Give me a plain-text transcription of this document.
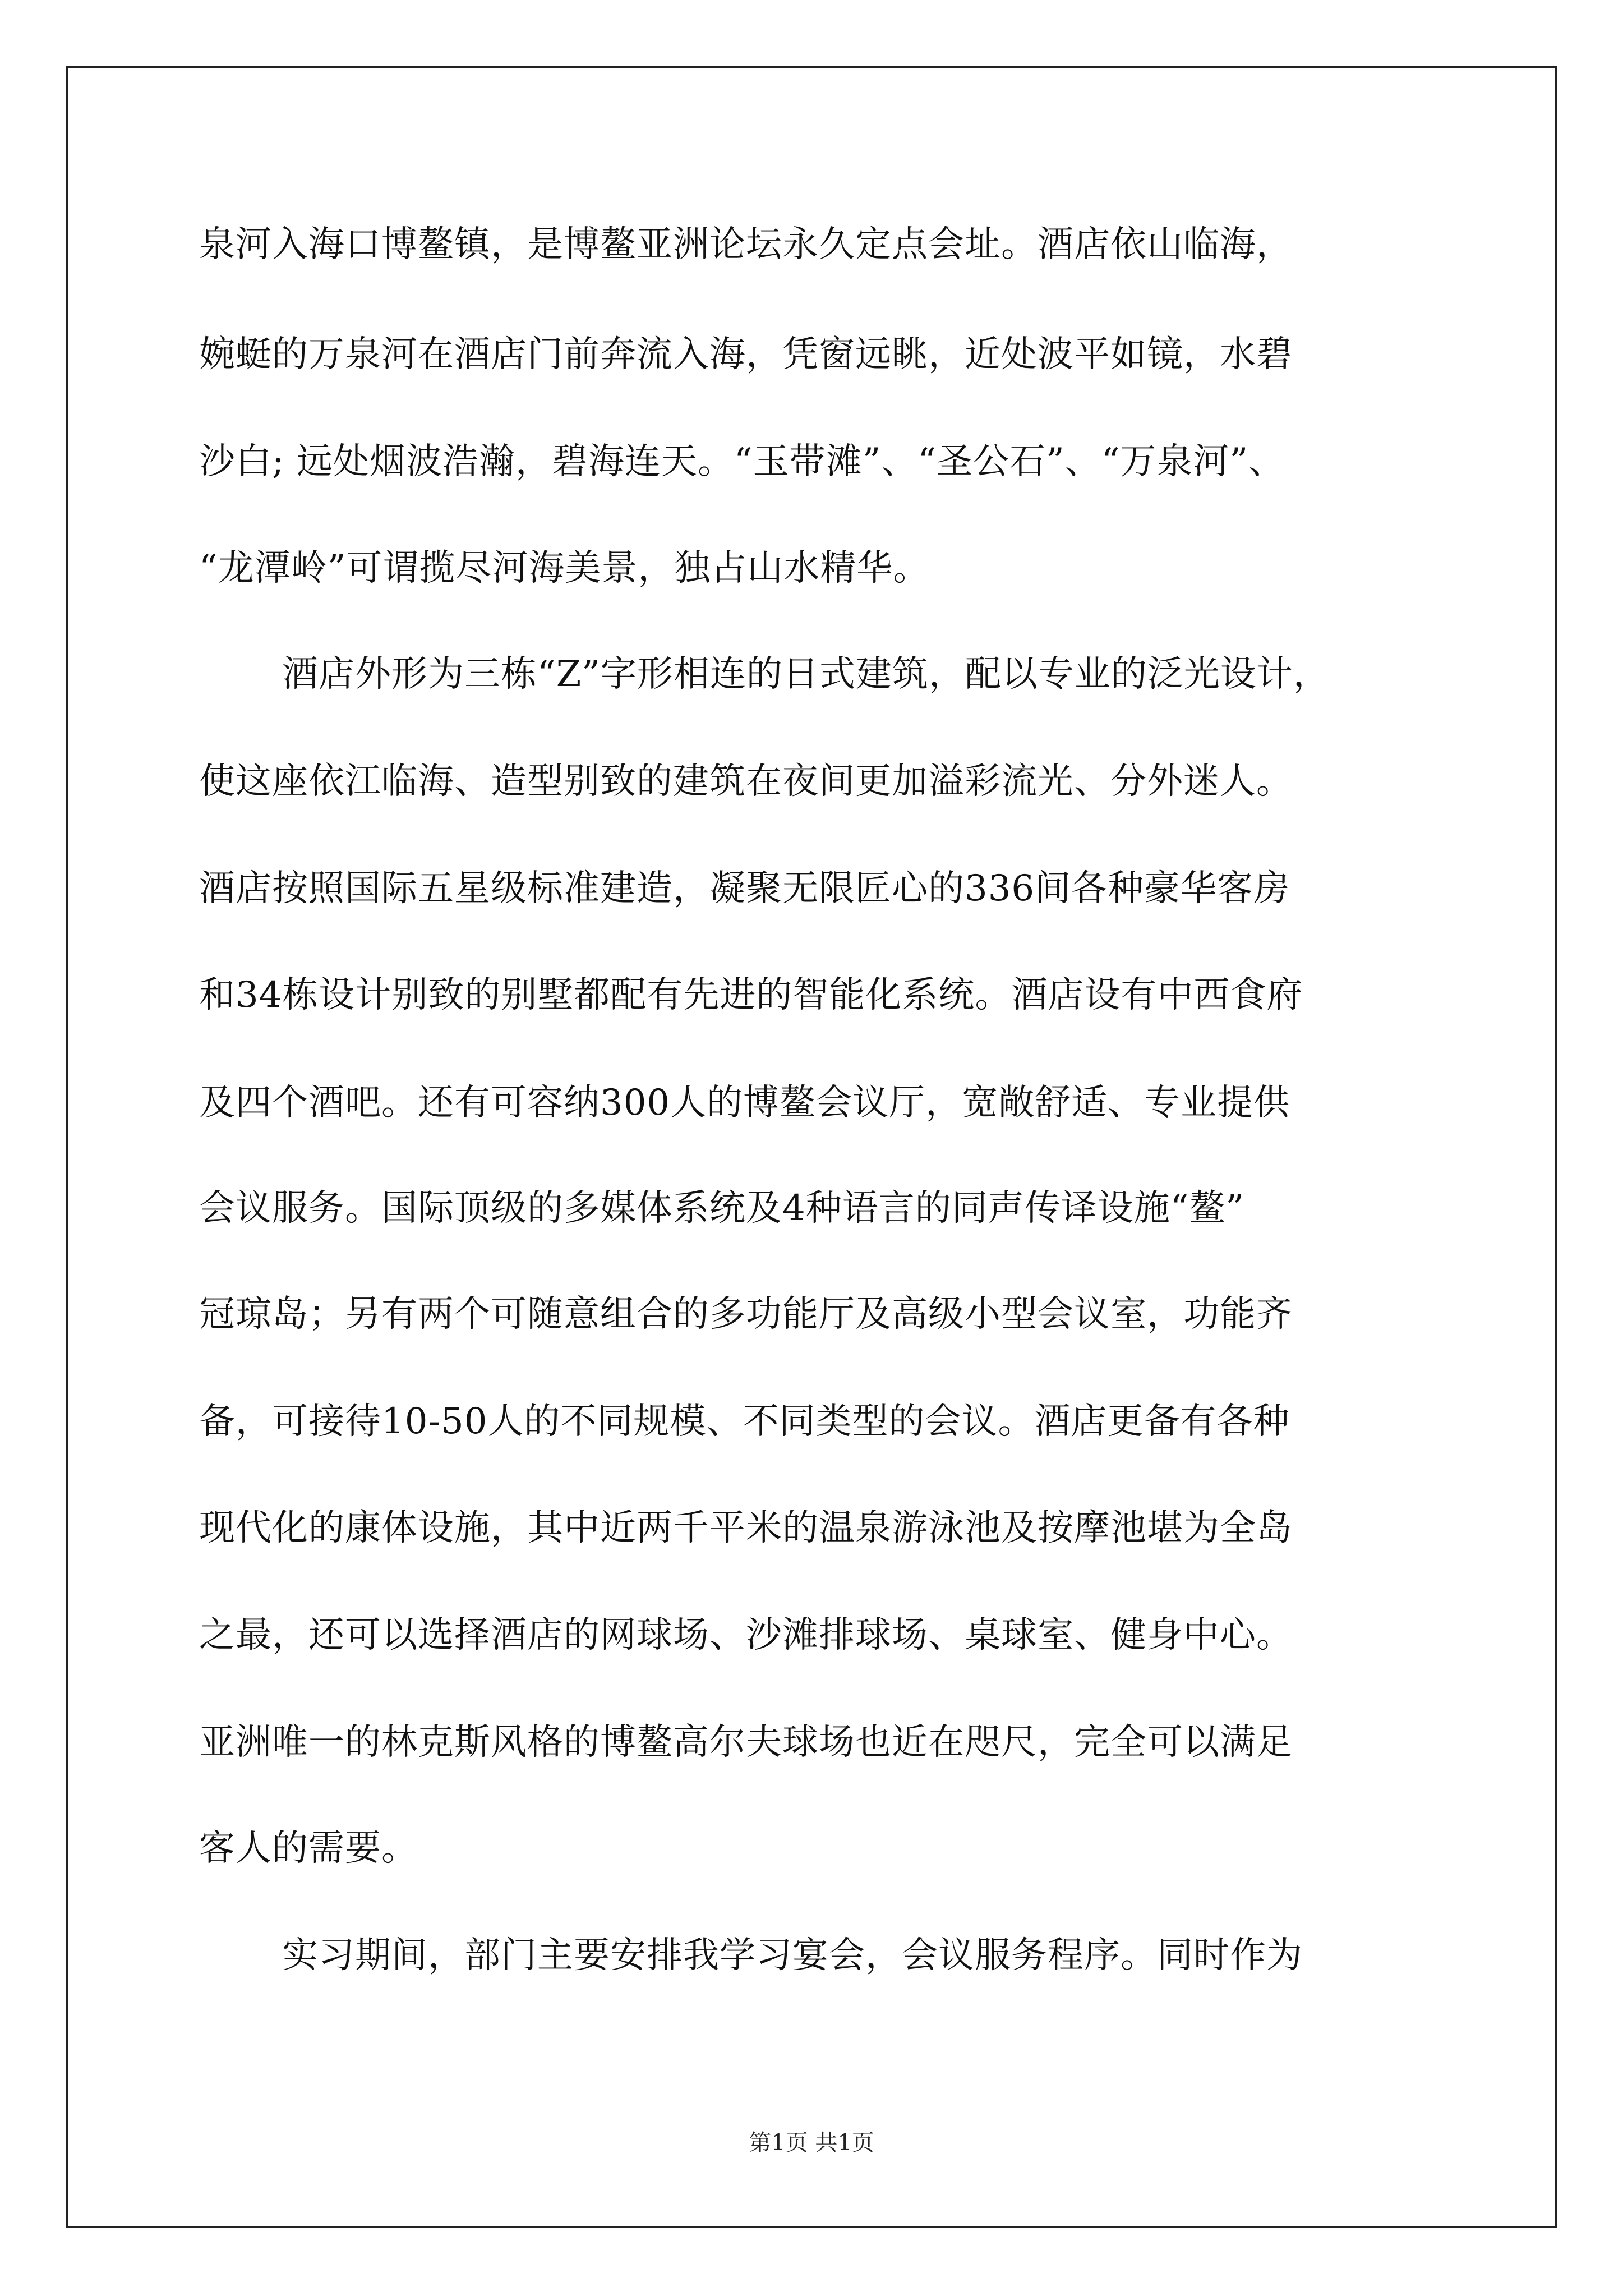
泉河入海口博鳌镇，是博鳌亚洲论坛永久定点会址。酒店依山临海，
婉蜓的万泉河在酒店门前奔流入海，凭窗远眺，近处波平如镜，水碧
沙白; 远处烟波浩瀚，碧海连天。“玉带滩”、“圣公石”、“万泉河”、
“龙潭岭”可谓揽尽河海美景，独占山水精华。
酒店外形为三栋“Z”字形相连的日式建筑，配以专业的泛光设计，
使这座依江临海、造型别致的建筑在夜间更加溢彩流光、分外迷人。
酒店按照国际五星级标准建造，凝聚无限匠心的336间各种豪华客房
和34栋设计别致的别墅都配有先进的智能化系统。酒店设有中西食府
及四个酒吧。还有可容纳300人的博鳌会议厅，宽敞舒适、专业提供
会议服务。国际顶级的多媒体系统及4种语言的同声传译设施“鳌”
冠琼岛；另有两个可随意组合的多功能厅及高级小型会议室，功能齐
备，可接待10-50人的不同规模、不同类型的会议。酒店更备有各种
现代化的康体设施，其中近两千平米的温泉游泳池及按摩池堪为全岛
之最，还可以选择酒店的网球场、沙滩排球场、桌球室、健身中心。
亚洲唯一的林克斯风格的博鳌高尔夫球场也近在咫尺，完全可以满足
客人的需要。
实习期间，部门主要安排我学习宴会，会议服务程序。同时作为
第1页 共1页
